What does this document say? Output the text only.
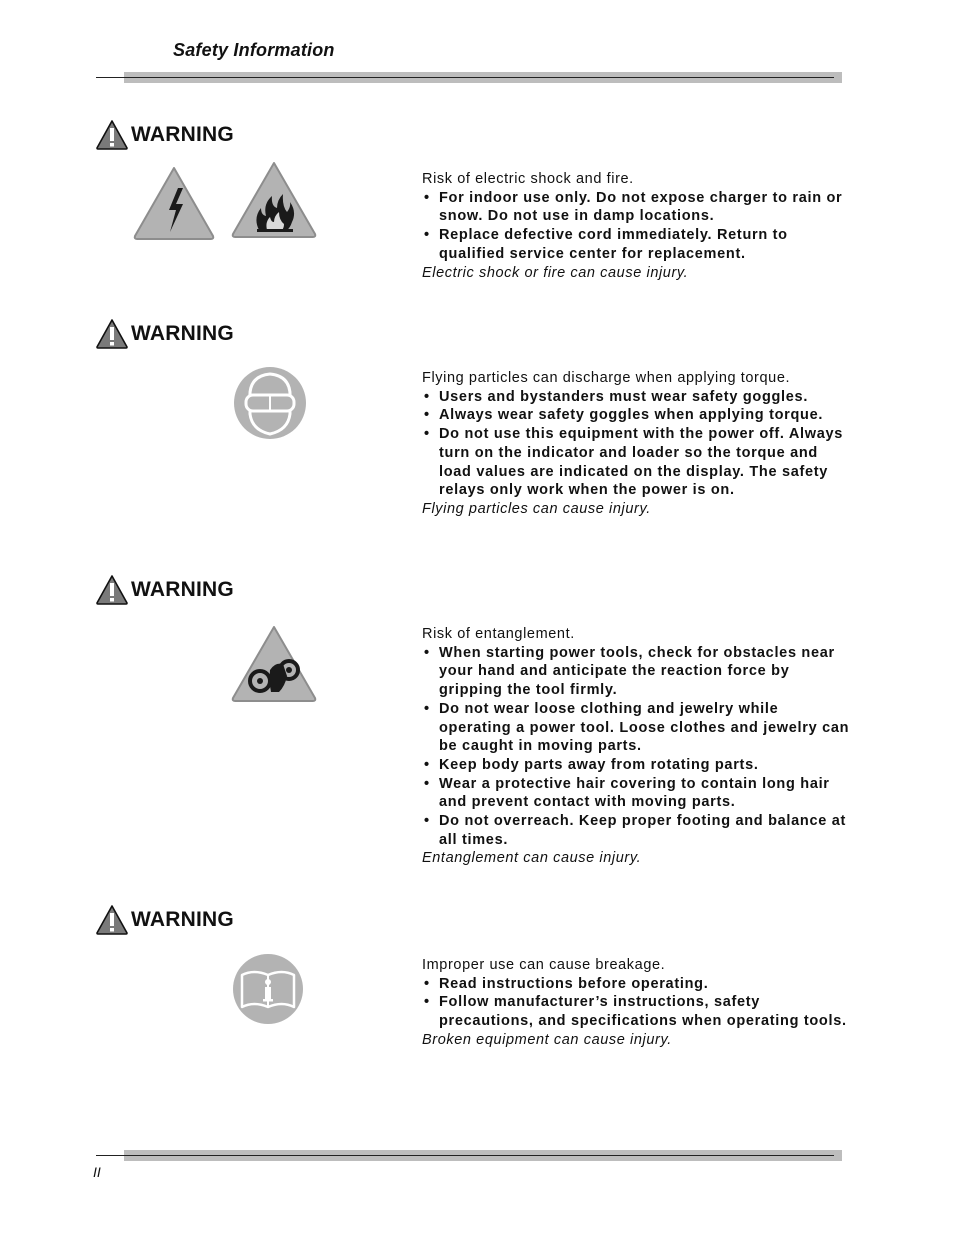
Safety Information
WARNING

Risk of electric shock and fire.

• For indoor use only. Do not expose charger to rain or snow. Do not use in damp locations.
• Replace defective cord immediately. Return to qualified service center for replacement.

Electric shock or fire can cause injury.

WARNING

Flying particles can discharge when applying torque.

• Users and bystanders must wear safety goggles.
• Always wear safety goggles when applying torque.
• Do not use this equipment with the power off. Always turn on the indicator and loader so the torque and load values are indicated on the display. The safety relays only work when the power is on.

Flying particles can cause injury.

WARNING

Risk of entanglement.

• When starting power tools, check for obstacles near your hand and anticipate the reaction force by gripping the tool firmly.
• Do not wear loose clothing and jewelry while operating a power tool. Loose clothes and jewelry can be caught in moving parts.
• Keep body parts away from rotating parts.
• Wear a protective hair covering to contain long hair and prevent contact with moving parts.
• Do not overreach. Keep proper footing and balance at all times.

Entanglement can cause injury.

WARNING

Improper use can cause breakage.

• Read instructions before operating.
• Follow manufacturer’s instructions, safety precautions, and specifications when operating tools.

Broken equipment can cause injury.

II
